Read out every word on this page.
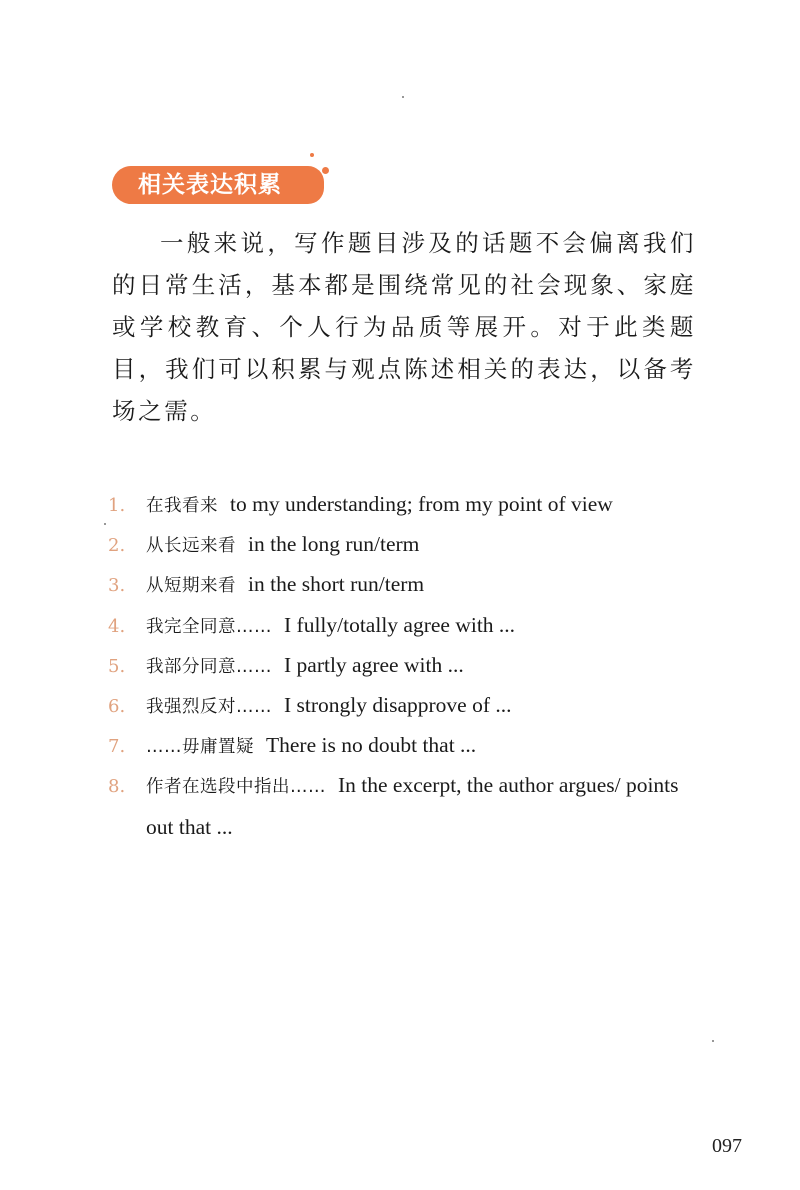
相关表达积累

一般来说，写作题目涉及的话题不会偏离我们的日常生活，基本都是围绕常见的社会现象、家庭或学校教育、个人行为品质等展开。对于此类题目，我们可以积累与观点陈述相关的表达，以备考场之需。

1.	在我看来 to my understanding; from my point of view
2.	从长远来看 in the long run/term
3.	从短期来看 in the short run/term
4.	我完全同意…… I fully/totally agree with ...
5.	我部分同意…… I partly agree with ...
6.	我强烈反对…… I strongly disapprove of ...
7.	……毋庸置疑 There is no doubt that ...
8.	作者在选段中指出…… In the excerpt, the author argues/ points out that ...
097
